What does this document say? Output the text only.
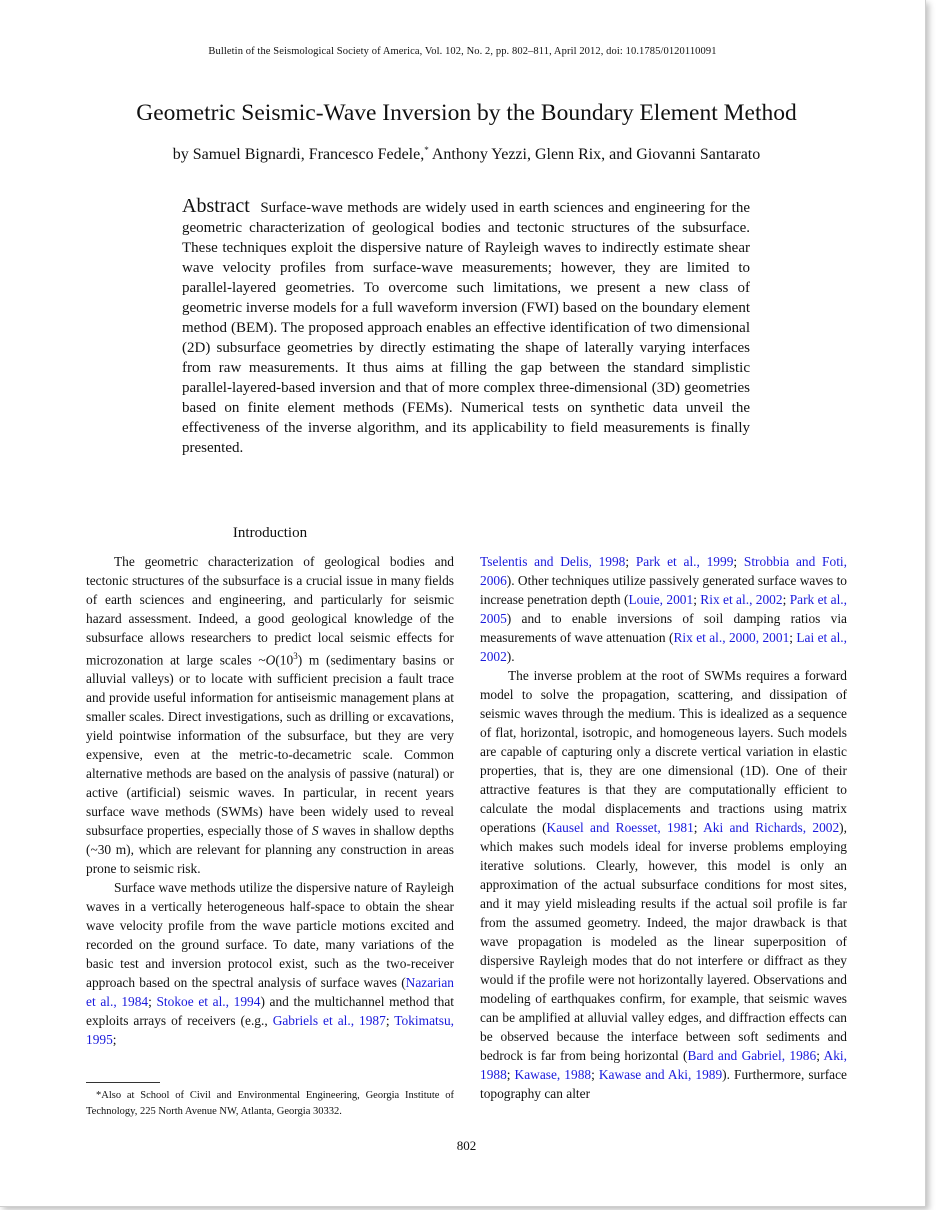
Bulletin of the Seismological Society of America, Vol. 102, No. 2, pp. 802–811, April 2012, doi: 10.1785/0120110091
Geometric Seismic-Wave Inversion by the Boundary Element Method
by Samuel Bignardi, Francesco Fedele,* Anthony Yezzi, Glenn Rix, and Giovanni Santarato
Abstract Surface-wave methods are widely used in earth sciences and engineering for the geometric characterization of geological bodies and tectonic structures of the subsurface. These techniques exploit the dispersive nature of Rayleigh waves to indirectly estimate shear wave velocity profiles from surface-wave measurements; however, they are limited to parallel-layered geometries. To overcome such limitations, we present a new class of geometric inverse models for a full waveform inversion (FWI) based on the boundary element method (BEM). The proposed approach enables an effective identification of two dimensional (2D) subsurface geometries by directly estimating the shape of laterally varying interfaces from raw measurements. It thus aims at filling the gap between the standard simplistic parallel-layered-based inversion and that of more complex three-dimensional (3D) geometries based on finite element methods (FEMs). Numerical tests on synthetic data unveil the effectiveness of the inverse algorithm, and its applicability to field measurements is finally presented.
Introduction

The geometric characterization of geological bodies and tectonic structures of the subsurface is a crucial issue in many fields of earth sciences and engineering, and particularly for seismic hazard assessment. Indeed, a good geological knowledge of the subsurface allows researchers to predict local seismic effects for microzonation at large scales $\sim O(10^3)$ m (sedimentary basins or alluvial valleys) or to locate with sufficient precision a fault trace and provide useful information for antiseismic management plans at smaller scales. Direct investigations, such as drilling or excavations, yield pointwise information of the subsurface, but they are very expensive, even at the metric-to-decametric scale. Common alternative methods are based on the analysis of passive (natural) or active (artificial) seismic waves. In particular, in recent years surface wave methods (SWMs) have been widely used to reveal subsurface properties, especially those of S waves in shallow depths (~30 m), which are relevant for planning any construction in areas prone to seismic risk.

Surface wave methods utilize the dispersive nature of Rayleigh waves in a vertically heterogeneous half-space to obtain the shear wave velocity profile from the wave particle motions excited and recorded on the ground surface. To date, many variations of the basic test and inversion protocol exist, such as the two-receiver approach based on the spectral analysis of surface waves (Nazarian et al., 1984; Stokoe et al., 1994) and the multichannel method that exploits arrays of receivers (e.g., Gabriels et al., 1987; Tokimatsu, 1995;

Tselentis and Delis, 1998; Park et al., 1999; Strobbia and Foti, 2006). Other techniques utilize passively generated surface waves to increase penetration depth (Louie, 2001; Rix et al., 2002; Park et al., 2005) and to enable inversions of soil damping ratios via measurements of wave attenuation (Rix et al., 2000, 2001; Lai et al., 2002).

The inverse problem at the root of SWMs requires a forward model to solve the propagation, scattering, and dissipation of seismic waves through the medium. This is idealized as a sequence of flat, horizontal, isotropic, and homogeneous layers. Such models are capable of capturing only a discrete vertical variation in elastic properties, that is, they are one dimensional (1D). One of their attractive features is that they are computationally efficient to calculate the modal displacements and tractions using matrix operations (Kausel and Roesset, 1981; Aki and Richards, 2002), which makes such models ideal for inverse problems employing iterative solutions. Clearly, however, this model is only an approximation of the actual subsurface conditions for most sites, and it may yield misleading results if the actual soil profile is far from the assumed geometry. Indeed, the major drawback is that wave propagation is modeled as the linear superposition of dispersive Rayleigh modes that do not interfere or diffract as they would if the profile were not horizontally layered. Observations and modeling of earthquakes confirm, for example, that seismic waves can be amplified at alluvial valley edges, and diffraction effects can be observed because the interface between soft sediments and bedrock is far from being horizontal (Bard and Gabriel, 1986; Aki, 1988; Kawase, 1988; Kawase and Aki, 1989). Furthermore, surface topography can alter

*Also at School of Civil and Environmental Engineering, Georgia Institute of Technology, 225 North Avenue NW, Atlanta, Georgia 30332.
802
